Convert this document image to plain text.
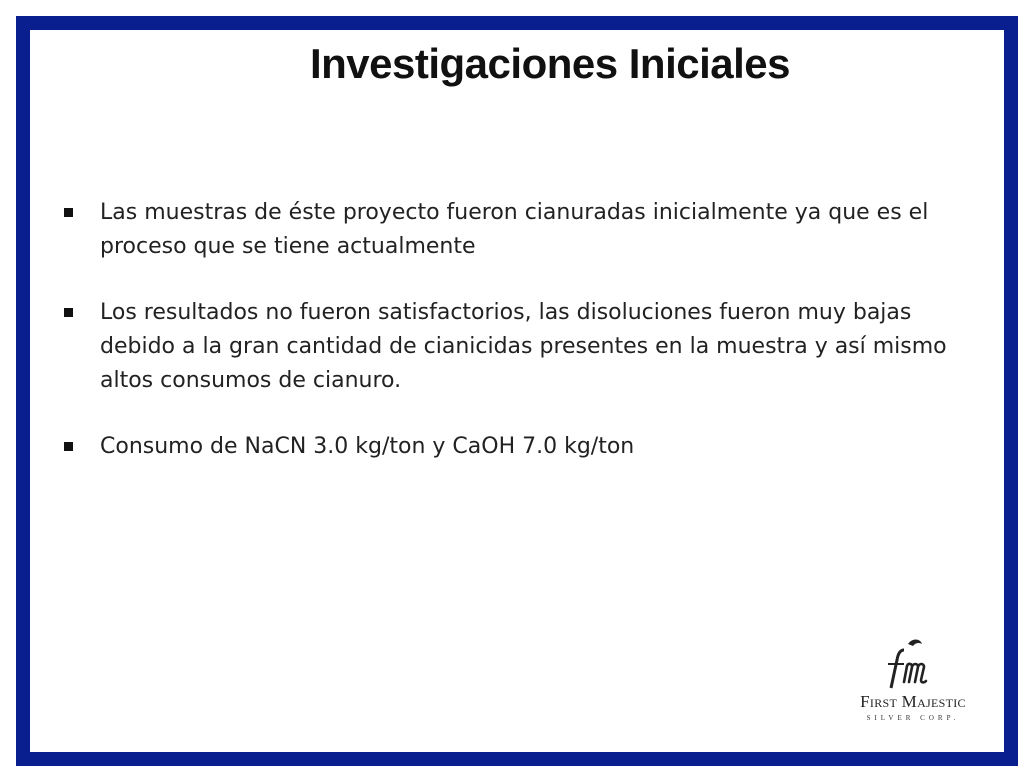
Investigaciones Iniciales
Las muestras de éste proyecto fueron cianuradas inicialmente ya que es el proceso que se tiene actualmente
Los resultados no fueron satisfactorios, las disoluciones fueron muy bajas debido a la gran cantidad de cianicidas presentes en la muestra y así mismo altos consumos de cianuro.
Consumo de NaCN 3.0 kg/ton y CaOH 7.0 kg/ton
First Majestic
SILVER CORP.
